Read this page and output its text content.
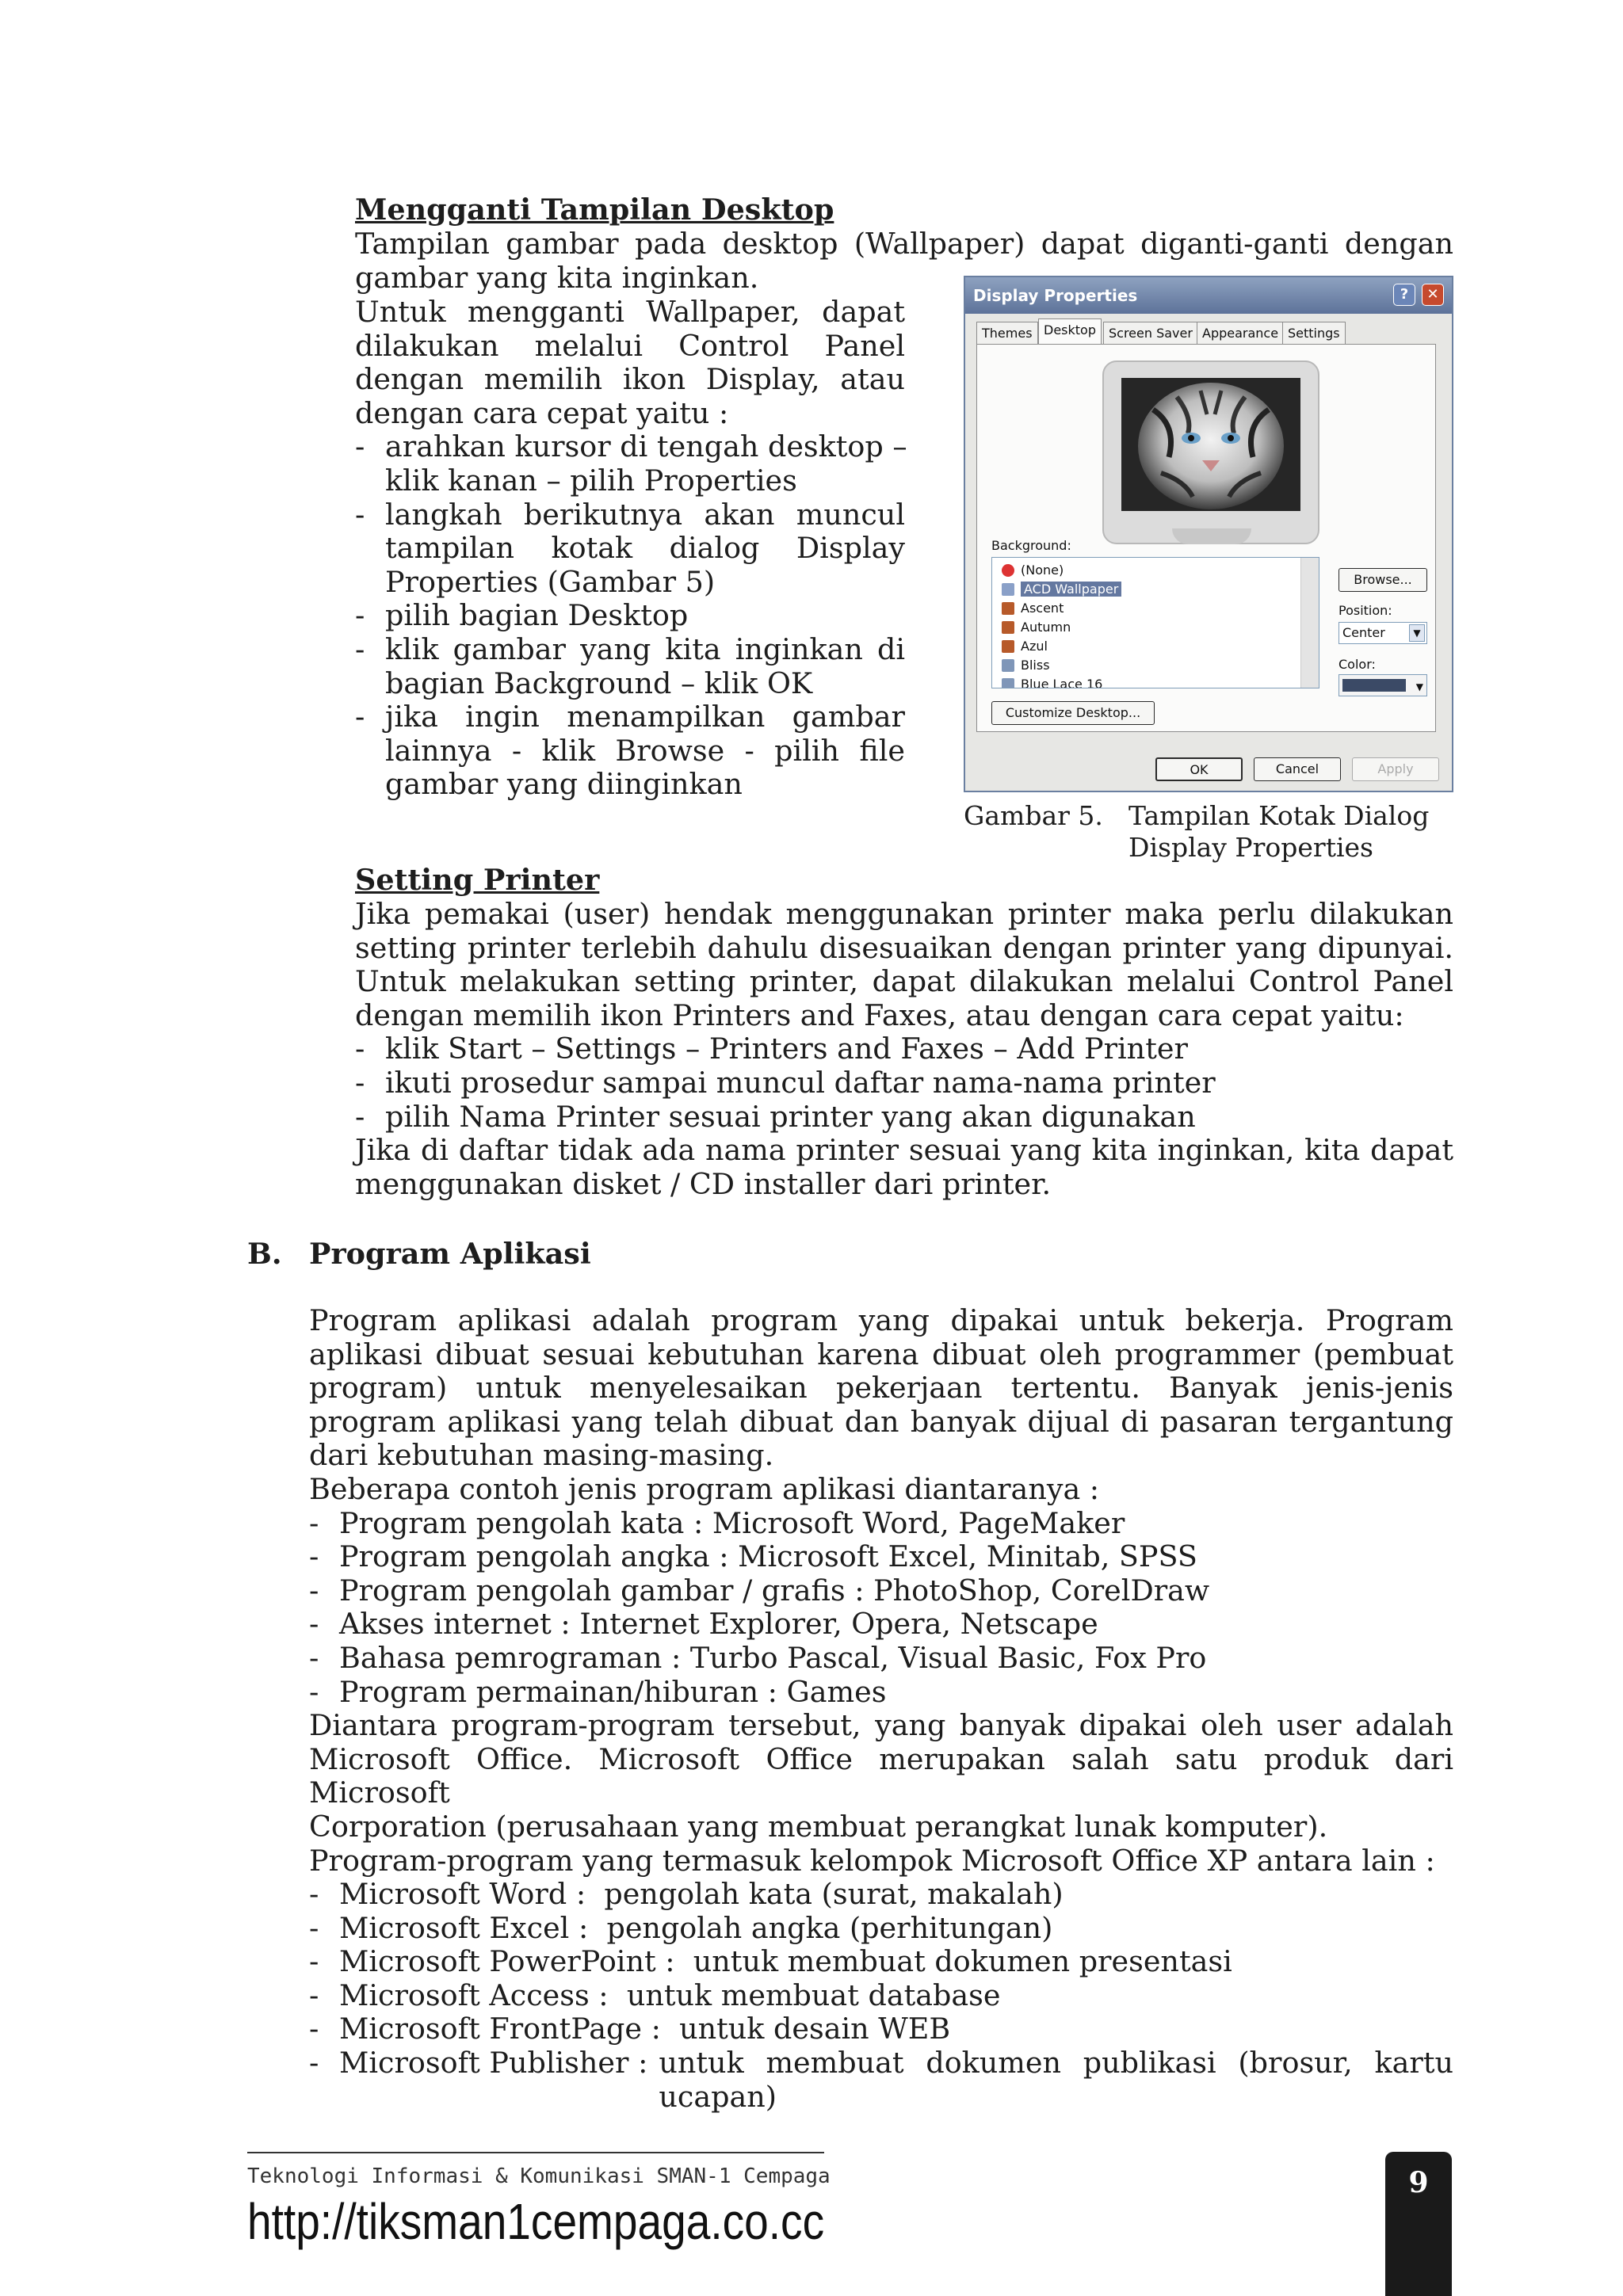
Mengganti Tampilan Desktop
Tampilan gambar pada desktop (Wallpaper) dapat diganti-ganti dengan
gambar yang kita inginkan.
Untuk mengganti Wallpaper, dapat
dilakukan melalui Control Panel
dengan memilih ikon Display, atau
dengan cara cepat yaitu :
- arahkan kursor di tengah desktop –
klik kanan – pilih Properties
- langkah berikutnya akan muncul
tampilan kotak dialog Display
Properties (Gambar 5)
- pilih bagian Desktop
- klik gambar yang kita inginkan di
bagian Background – klik OK
- jika ingin menampilkan gambar
lainnya - klik Browse - pilih file
gambar yang diinginkan
Display Properties	?	✕
Themes Desktop	Screen Saver Appearance Settings
Background:
(None)
ACD Wallpaper
Ascent
Autumn
Azul
Bliss
Blue Lace 16
Browse...
Position:
Center	▼
Color:
▼
Customize Desktop...
OK	Cancel	Apply
Gambar 5. Tampilan Kotak Dialog
Display Properties
Setting Printer
Jika pemakai (user) hendak menggunakan printer maka perlu dilakukan
setting printer terlebih dahulu disesuaikan dengan printer yang dipunyai.
Untuk melakukan setting printer, dapat dilakukan melalui Control Panel
dengan memilih ikon Printers and Faxes, atau dengan cara cepat yaitu:
- klik Start – Settings – Printers and Faxes – Add Printer
- ikuti prosedur sampai muncul daftar nama-nama printer
- pilih Nama Printer sesuai printer yang akan digunakan
Jika di daftar tidak ada nama printer sesuai yang kita inginkan, kita dapat
menggunakan disket / CD installer dari printer.
B. Program Aplikasi
Program aplikasi adalah program yang dipakai untuk bekerja. Program
aplikasi dibuat sesuai kebutuhan karena dibuat oleh programmer (pembuat
program) untuk menyelesaikan pekerjaan tertentu. Banyak jenis-jenis
program aplikasi yang telah dibuat dan banyak dijual di pasaran tergantung
dari kebutuhan masing-masing.
Beberapa contoh jenis program aplikasi diantaranya :
- Program pengolah kata : Microsoft Word, PageMaker
- Program pengolah angka : Microsoft Excel, Minitab, SPSS
- Program pengolah gambar / grafis : PhotoShop, CorelDraw
- Akses internet : Internet Explorer, Opera, Netscape
- Bahasa pemrograman : Turbo Pascal, Visual Basic, Fox Pro
- Program permainan/hiburan : Games
Diantara program-program tersebut, yang banyak dipakai oleh user adalah
Microsoft Office. Microsoft Office merupakan salah satu produk dari Microsoft
Corporation (perusahaan yang membuat perangkat lunak komputer).
Program-program yang termasuk kelompok Microsoft Office XP antara lain :
- Microsoft Word : pengolah kata (surat, makalah)
- Microsoft Excel : pengolah angka (perhitungan)
- Microsoft PowerPoint : untuk membuat dokumen presentasi
- Microsoft Access : untuk membuat database
- Microsoft FrontPage : untuk desain WEB
- Microsoft Publisher : untuk membuat dokumen publikasi (brosur, kartu
ucapan)
Teknologi Informasi & Komunikasi SMAN-1 Cempaga
http://tiksman1cempaga.co.cc
9
